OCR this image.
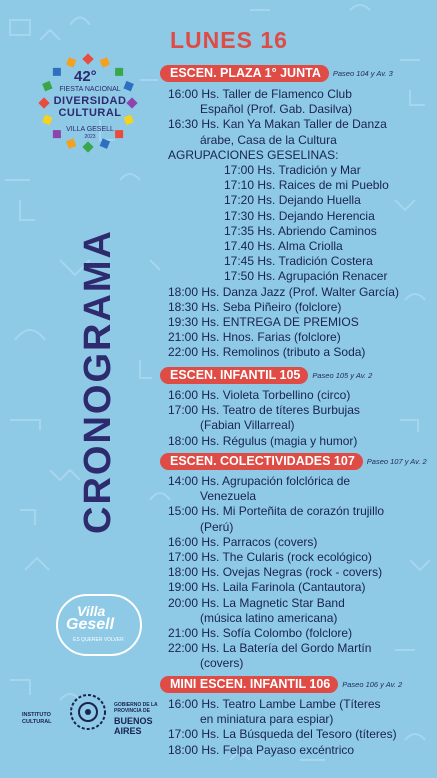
42°
FIESTA NACIONAL
DIVERSIDAD
CULTURAL
VILLA GESELL
2023
CRONOGRAMA
LUNES 16
ESCEN. PLAZA 1° JUNTA	Paseo 104 y Av. 3
16:00 Hs. Taller de Flamenco Club
Español (Prof. Gab. Dasilva)
16:30 Hs. Kan Ya Makan Taller de Danza
árabe, Casa de la Cultura
AGRUPACIONES GESELINAS:
17:00 Hs. Tradición y Mar
17:10 Hs. Raices de mi Pueblo
17:20 Hs. Dejando Huella
17:30 Hs. Dejando Herencia
17:35 Hs. Abriendo Caminos
17.40 Hs. Alma Criolla
17:45 Hs. Tradición Costera
17:50 Hs. Agrupación Renacer
18:00 Hs. Danza Jazz (Prof. Walter García)
18:30 Hs. Seba Piñeiro (folclore)
19:30 Hs. ENTREGA DE PREMIOS
21:00 Hs. Hnos. Farias (folclore)
22:00 Hs. Remolinos (tributo a Soda)
ESCEN. INFANTIL 105	Paseo 105 y Av. 2
16:00 Hs. Violeta Torbellino (circo)
17:00 Hs. Teatro de títeres Burbujas
(Fabian Villarreal)
18:00 Hs. Régulus (magia y humor)
ESCEN. COLECTIVIDADES 107	Paseo 107 y Av. 2
14:00 Hs. Agrupación folclórica de
Venezuela
15:00 Hs. Mi Porteñita de corazón trujillo
(Perú)
16:00 Hs. Parracos (covers)
17:00 Hs. The Cularis (rock ecológico)
18:00 Hs. Ovejas Negras (rock - covers)
19:00 Hs. Laila Farinola (Cantautora)
20:00 Hs. La Magnetic Star Band
(música latino americana)
21:00 Hs. Sofía Colombo (folclore)
22:00 Hs. La Batería del Gordo Martín
(covers)
MINI ESCEN. INFANTIL 106	Paseo 106 y Av. 2
16:00 Hs. Teatro Lambe Lambe (Títeres
en miniatura para espiar)
17:00 Hs. La Búsqueda del Tesoro (títeres)
18:00 Hs. Felpa Payaso excéntrico
Villa
Gesell
ES QUERER VOLVER
INSTITUTO
CULTURAL
GOBIERNO DE LA
PROVINCIA DE
BUENOS
AIRES
